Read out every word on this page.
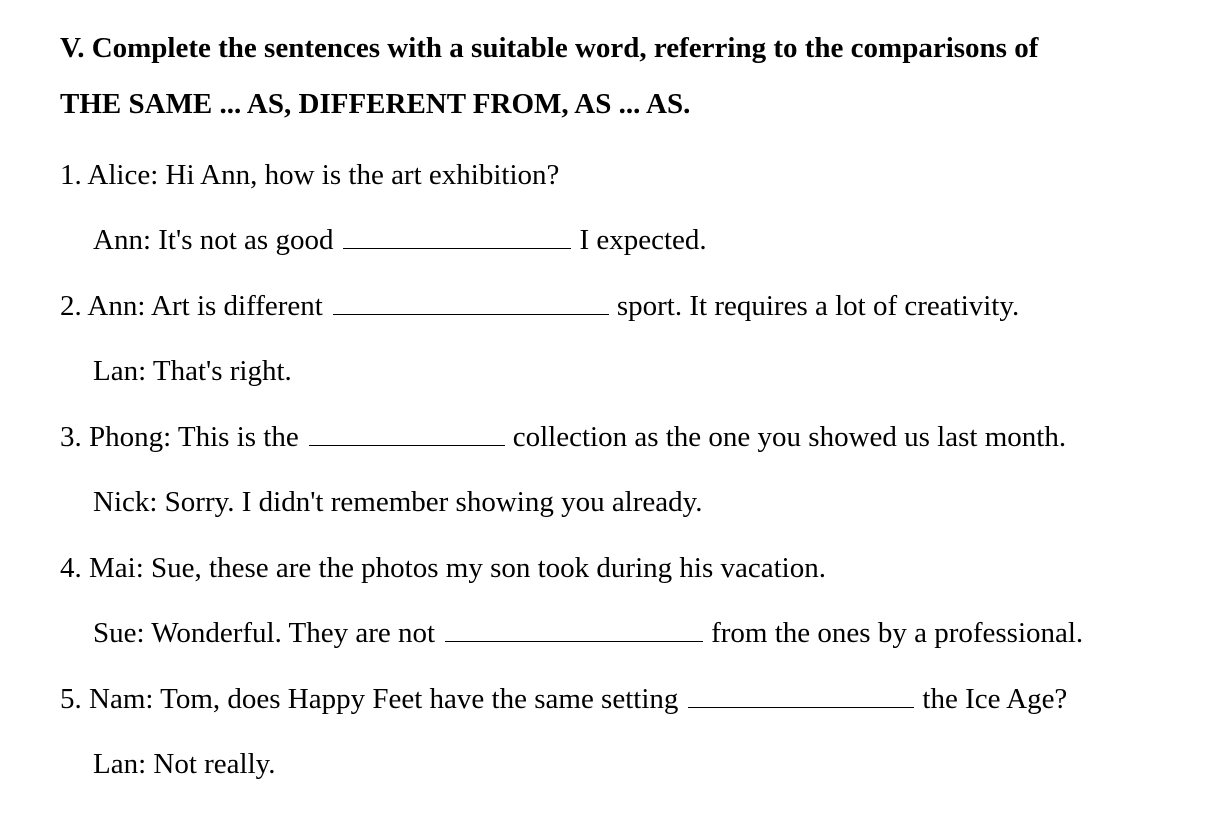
V. Complete the sentences with a suitable word, referring to the comparisons of
THE SAME ... AS, DIFFERENT FROM, AS ... AS.
1. Alice: Hi Ann, how is the art exhibition?
Ann: It's not as good	I expected.
2. Ann: Art is different	sport. It requires a lot of creativity.
Lan: That's right.
3. Phong: This is the	collection as the one you showed us last month.
Nick: Sorry. I didn't remember showing you already.
4. Mai: Sue, these are the photos my son took during his vacation.
Sue: Wonderful. They are not	from the ones by a professional.
5. Nam: Tom, does Happy Feet have the same setting	the Ice Age?
Lan: Not really.
